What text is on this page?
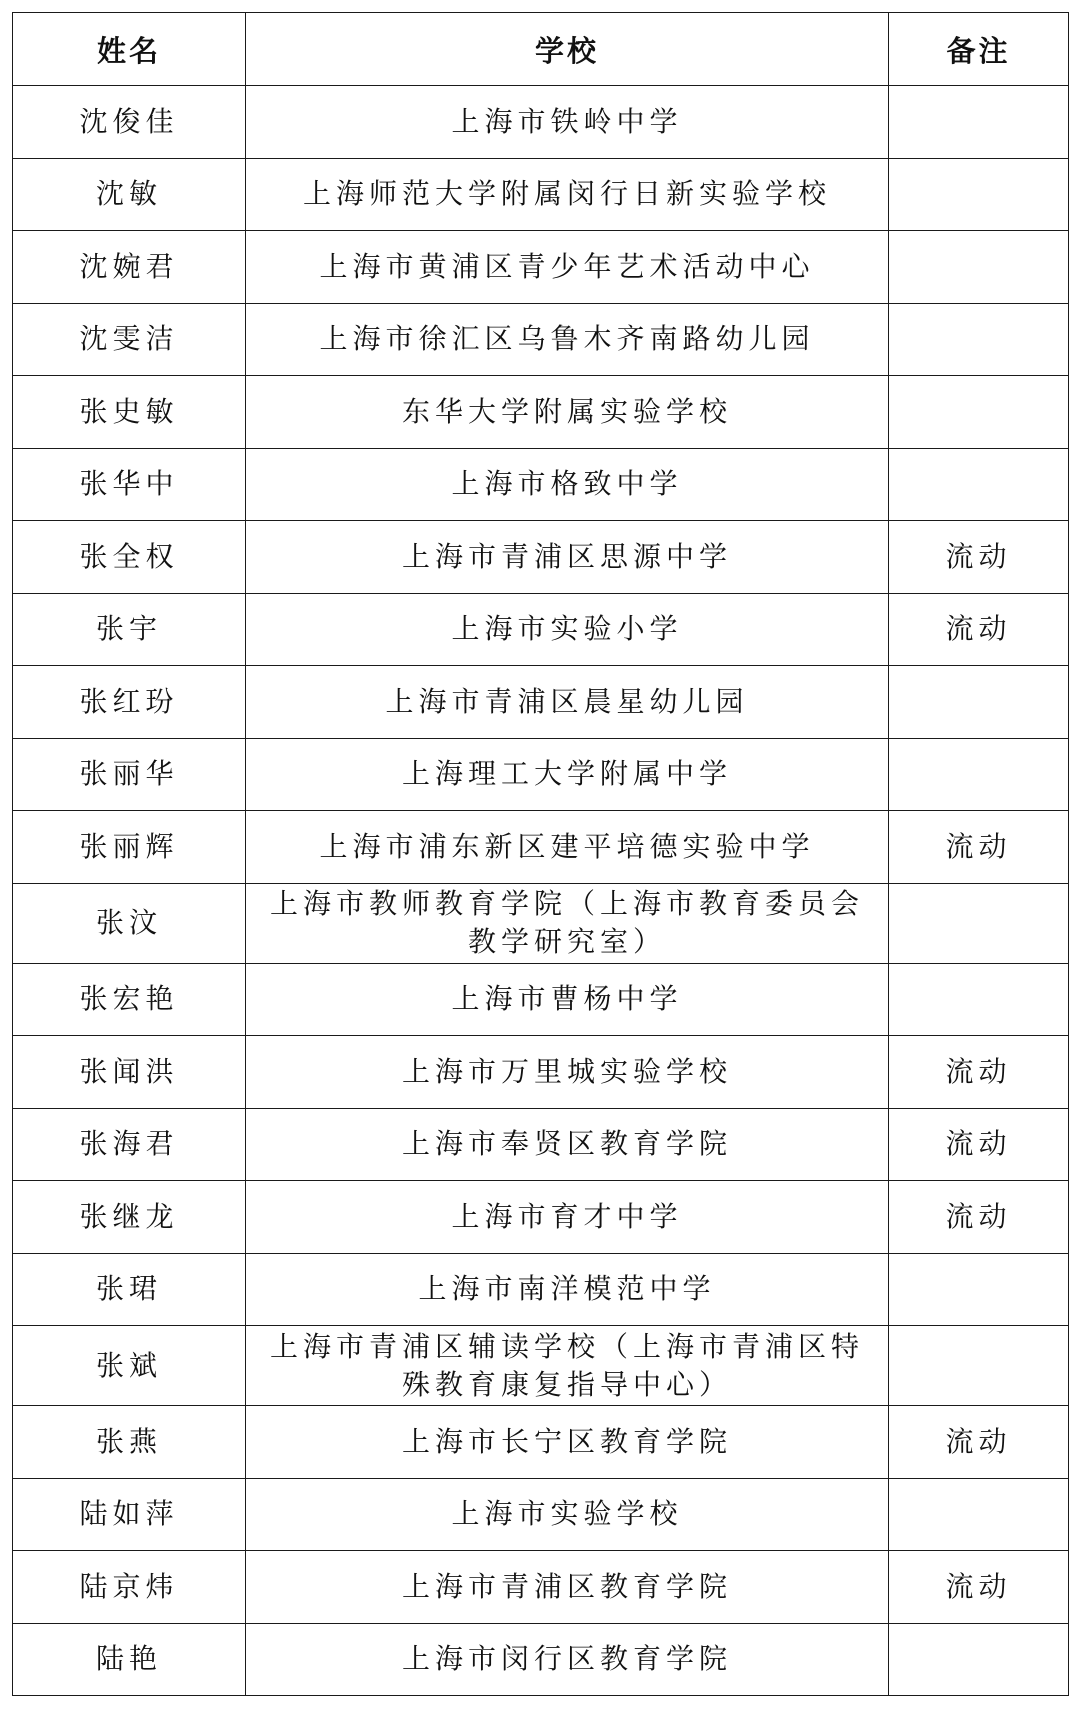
姓名	学校	备注
沈俊佳	上海市铁岭中学	
沈敏	上海师范大学附属闵行日新实验学校	
沈婉君	上海市黄浦区青少年艺术活动中心	
沈雯洁	上海市徐汇区乌鲁木齐南路幼儿园	
张史敏	东华大学附属实验学校	
张华中	上海市格致中学	
张全权	上海市青浦区思源中学	流动
张宇	上海市实验小学	流动
张红玢	上海市青浦区晨星幼儿园	
张丽华	上海理工大学附属中学	
张丽辉	上海市浦东新区建平培德实验中学	流动
张汶	上海市教师教育学院（上海市教育委员会教学研究室）	
张宏艳	上海市曹杨中学	
张闻洪	上海市万里城实验学校	流动
张海君	上海市奉贤区教育学院	流动
张继龙	上海市育才中学	流动
张珺	上海市南洋模范中学	
张斌	上海市青浦区辅读学校（上海市青浦区特殊教育康复指导中心）	
张燕	上海市长宁区教育学院	流动
陆如萍	上海市实验学校	
陆京炜	上海市青浦区教育学院	流动
陆艳	上海市闵行区教育学院	
